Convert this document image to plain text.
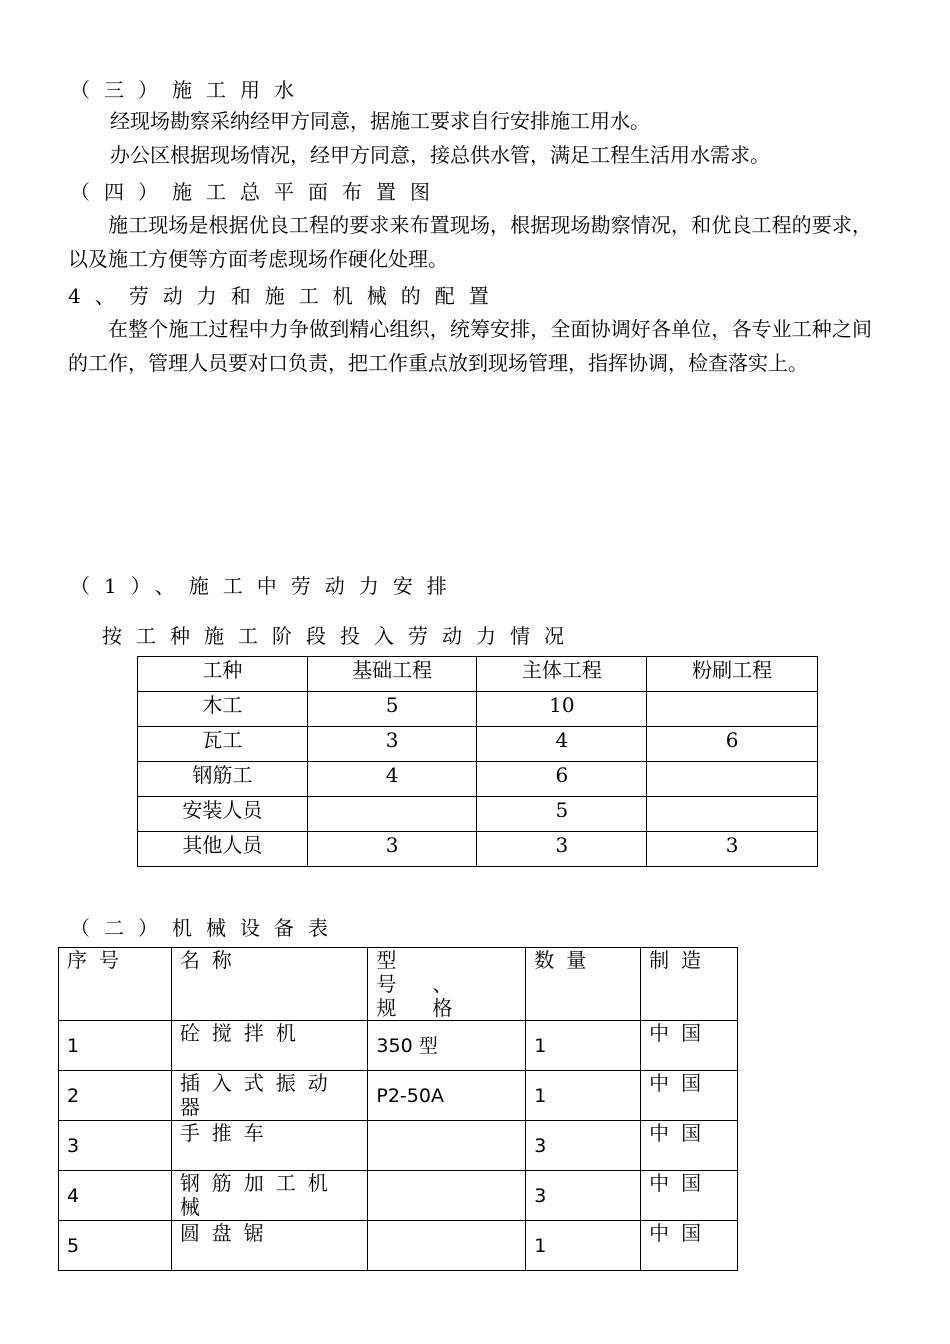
（三）施工用水

经现场勘察采纳经甲方同意，据施工要求自行安排施工用水。

办公区根据现场情况，经甲方同意，接总供水管，满足工程生活用水需求。

（四）施工总平面布置图

施工现场是根据优良工程的要求来布置现场，根据现场勘察情况，和优良工程的要求，以及施工方便等方面考虑现场作硬化处理。

4、劳动力和施工机械的配置

在整个施工过程中力争做到精心组织，统筹安排，全面协调好各单位，各专业工种之间的工作，管理人员要对口负责，把工作重点放到现场管理，指挥协调，检查落实上。

（1）、施工中劳动力安排

按工种施工阶段投入劳动力情况

工种	基础工程	主体工程	粉刷工程
木工	5	10	
瓦工	3	4	6
钢筋工	4	6	
安装人员		5	
其他人员	3	3	3

（二）机械设备表

序号	名称	型号、规格	数量	制造
1	砼搅拌机	350 型	1	中国
2	插入式振动器	P2-50A	1	中国
3	手推车		3	中国
4	钢筋加工机械		3	中国
5	圆盘锯		1	中国
